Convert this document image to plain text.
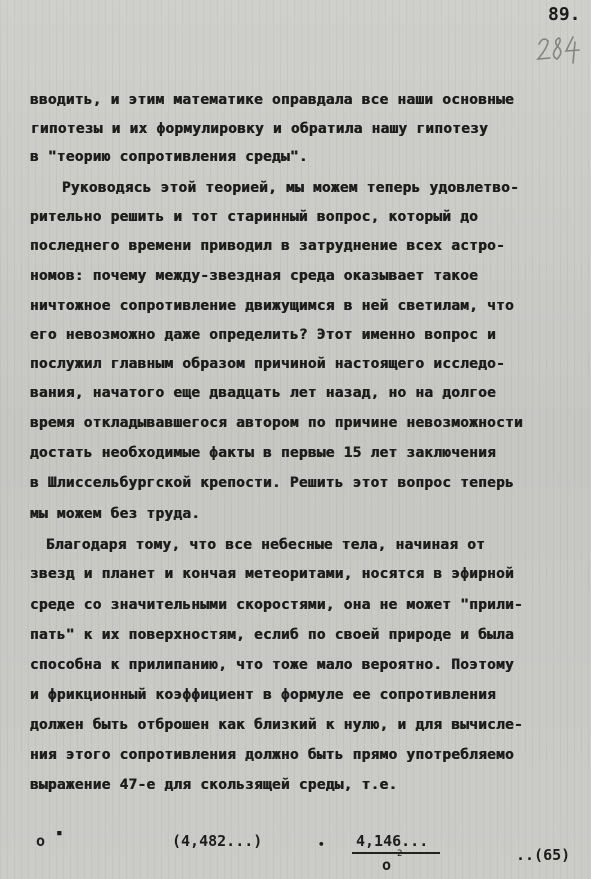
89.
вводить, и этим математике оправдала все наши основные
гипотезы и их формулировку и обратила нашу гипотезу
в "теорию сопротивления среды".
Руководясь этой теорией, мы можем теперь удовлетво-
рительно решить и тот старинный вопрос, который до
последнего времени приводил в затруднение всех астро-
номов: почему между-звездная среда оказывает такое
ничтожное сопротивление движущимся в ней светилам, что
его невозможно даже определить? Этот именно вопрос и
послужил главным образом причиной настоящего исследо-
вания, начатого еще двадцать лет назад, но на долгое
время откладывавшегося автором по причине невозможности
достать необходимые факты в первые 15 лет заключения
в Шлиссельбургской крепости. Решить этот вопрос теперь
мы можем без труда.
Благодаря тому, что все небесные тела, начиная от
звезд и планет и кончая метеоритами, носятся в эфирной
среде со значительными скоростями, она не может "прили-
пать" к их поверхностям, еслиб по своей природе и была
способна к прилипанию, что тоже мало вероятно. Поэтому
и фрикционный коэффициент в формуле ее сопротивления
должен быть отброшен как близкий к нулю, и для вычисле-
ния этого сопротивления должно быть прямо употребляемо
выражение 47-е для скользящей среды, т.е.
o ▪	(4,482...)	• 4,146...
2
o
..(65)
